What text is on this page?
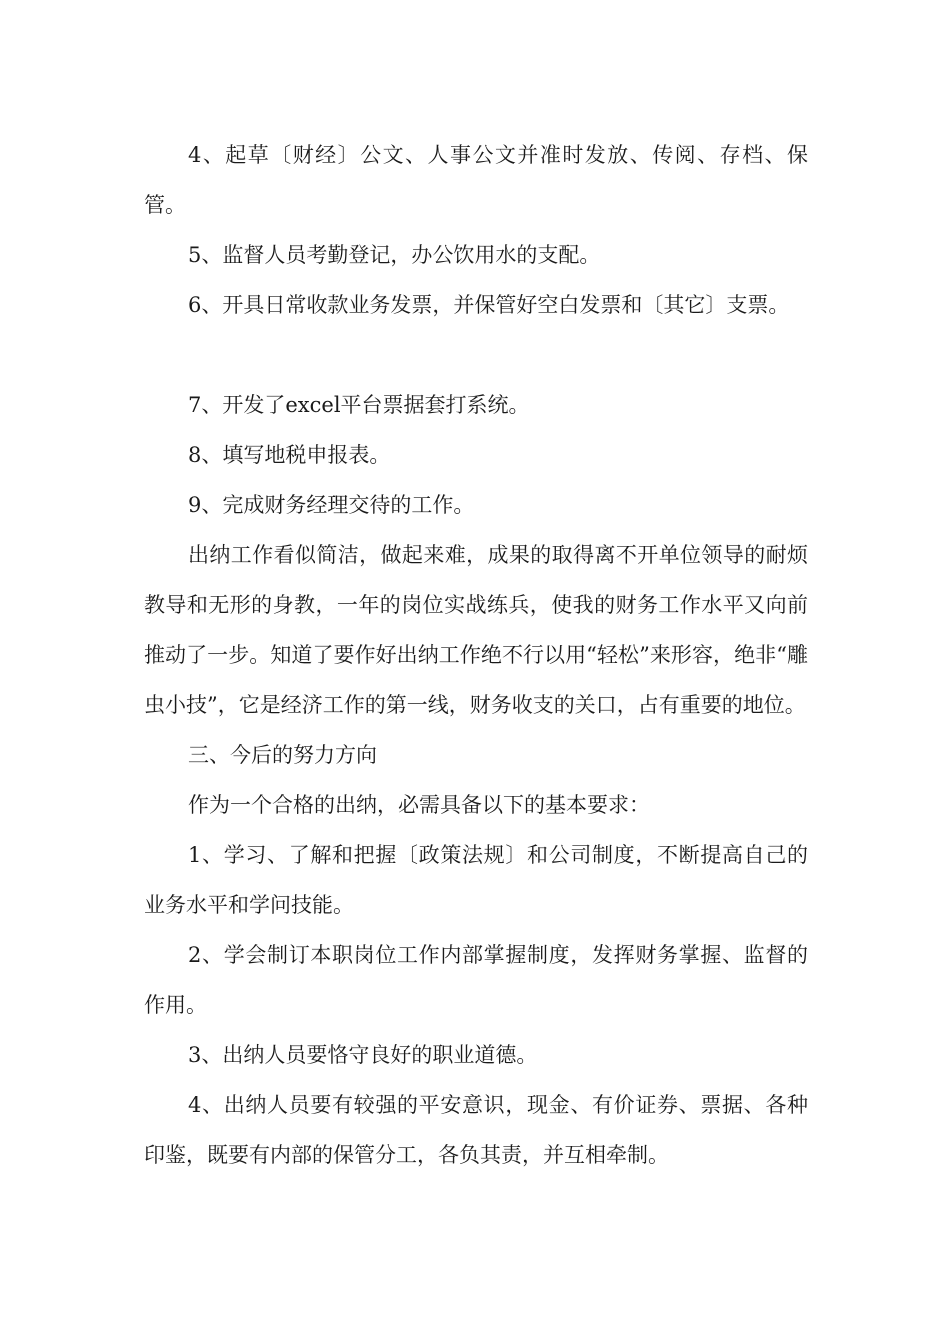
4、起草〔财经〕公文、人事公文并准时发放、传阅、存档、保管。

5、监督人员考勤登记，办公饮用水的支配。

6、开具日常收款业务发票，并保管好空白发票和〔其它〕支票。

7、开发了excel平台票据套打系统。

8、填写地税申报表。

9、完成财务经理交待的工作。

出纳工作看似简洁，做起来难，成果的取得离不开单位领导的耐烦教导和无形的身教，一年的岗位实战练兵，使我的财务工作水平又向前推动了一步。知道了要作好出纳工作绝不行以用“轻松”来形容，绝非“雕虫小技”，它是经济工作的第一线，财务收支的关口，占有重要的地位。

三、今后的努力方向

作为一个合格的出纳，必需具备以下的基本要求：

1、学习、了解和把握〔政策法规〕和公司制度，不断提高自己的业务水平和学问技能。

2、学会制订本职岗位工作内部掌握制度，发挥财务掌握、监督的作用。

3、出纳人员要恪守良好的职业道德。

4、出纳人员要有较强的平安意识，现金、有价证券、票据、各种印鉴，既要有内部的保管分工，各负其责，并互相牵制。
